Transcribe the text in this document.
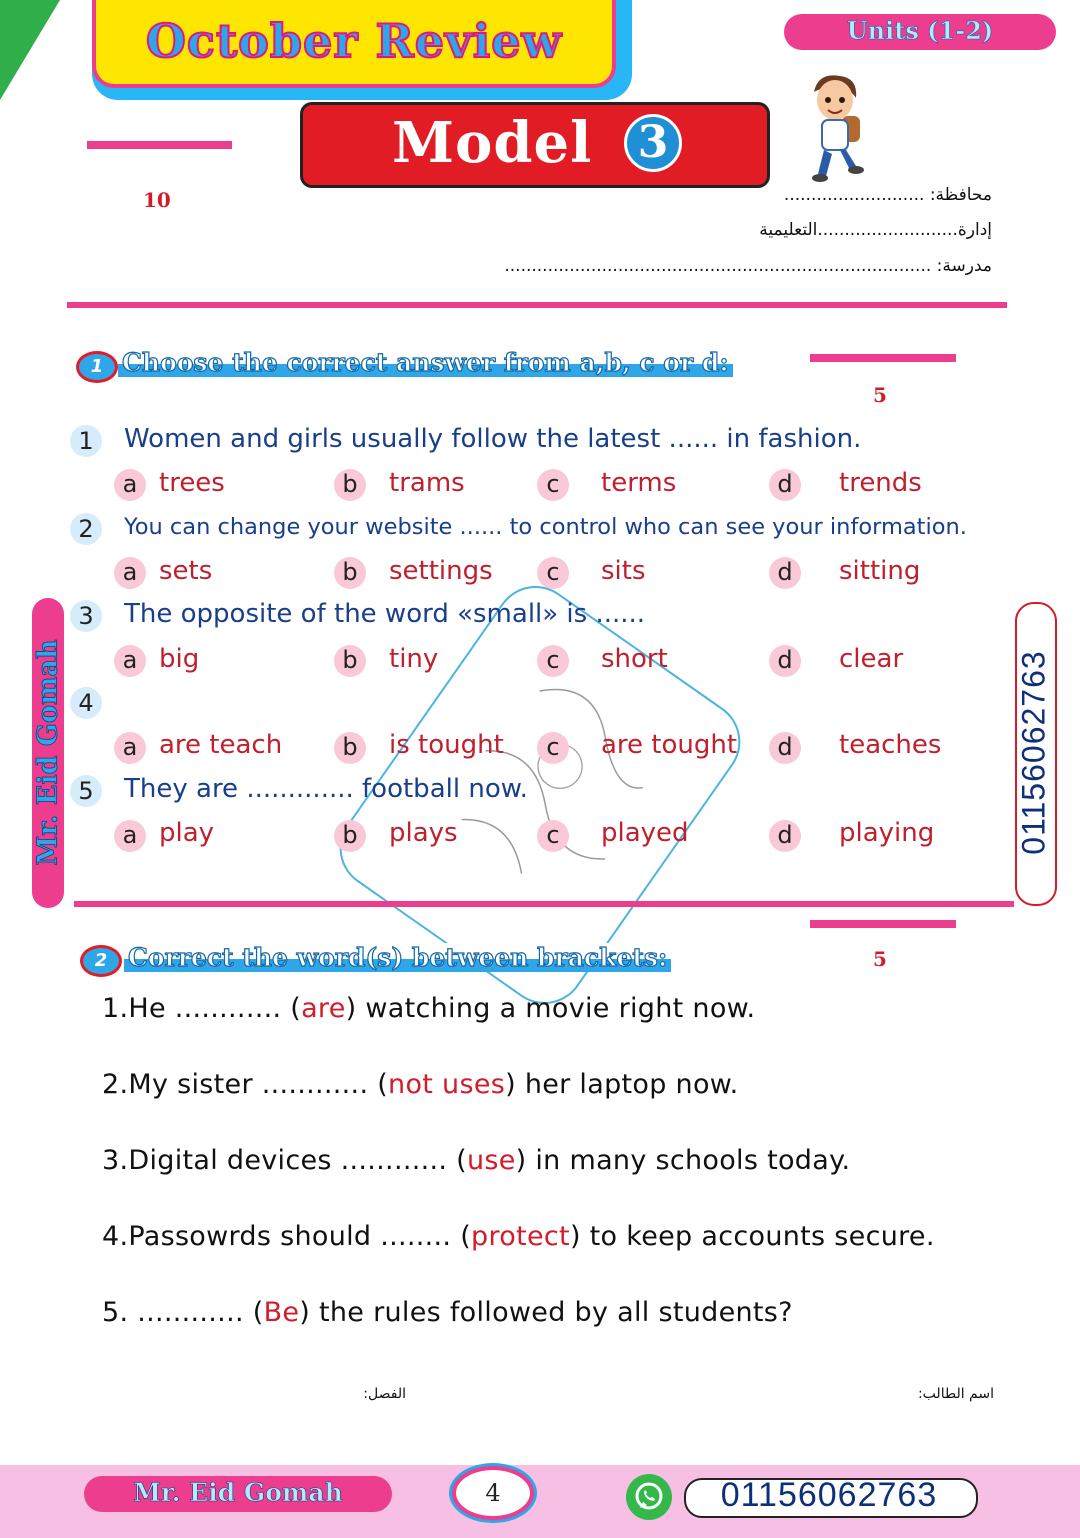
October Review	Units (1-2)
Model	3
10	محافظة: ..........................
إدارة..........................التعليمية
مدرسة: ...............................................................................
1 Choose the correct answer from a,b, c or d:
5
1	Women and girls usually follow the latest ...... in fashion.
a trees	b	trams	c	terms	d	trends
2	You can change your website ...... to control who can see your information.
a sets	b	settings	c	sits	d	sitting
3	The opposite of the word «small» is ......
a big	b	tiny	c	short	d	clear
4
a are teach	b	is tought	c	are tought	d	teaches
5	They are ............. football now.
a play	b	plays	c	played	d	playing
Mr. Eid Gomah	01156062763
2 Correct the word(s) between brackets:	5
1.He ............ (are) watching a movie right now.
2.My sister ............ (not uses) her laptop now.
3.Digital devices ............ (use) in many schools today.
4.Passowrds should ........ (protect) to keep accounts secure.
5. ............ (Be) the rules followed by all students?
اسم الطالب:
الفصل:
Mr. Eid Gomah	4	01156062763
